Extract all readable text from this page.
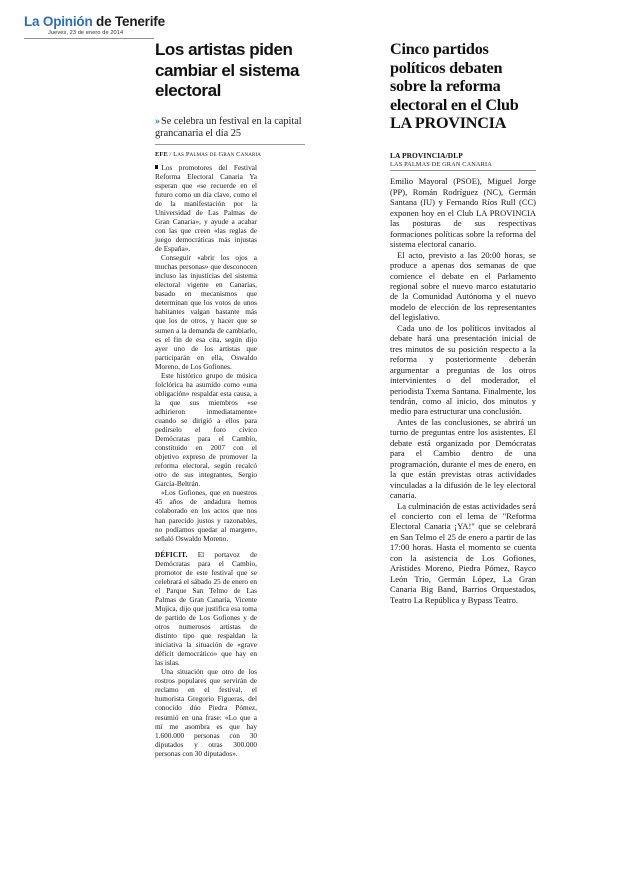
La Opinión de Tenerife
Jueves, 23 de enero de 2014
Los artistas piden cambiar el sistema electoral
» Se celebra un festival en la capital grancanaria el día 25
EFE / Las Palmas de Gran Canaria

Los promotores del Festival Reforma Electoral Canaria Ya esperan que «se recuerde en el futuro como un día clave, como el de la manifestación por la Universidad de Las Palmas de Gran Canaria», y ayude a acabar con las que creen «las reglas de juego democráticas más injustas de España».

Conseguir «abrir los ojos a muchas personas» que desconocen incluso las injusticias del sistema electoral vigente en Canarias, basado en mecanismos que determinan que los votos de unos habitantes valgan bastante más que los de otros, y hacer que se sumen a la demanda de cambiarlo, es el fin de esa cita, según dijo ayer uno de los artistas que participarán en ella, Oswaldo Moreno, de Los Gofiones.

Este histórico grupo de música folclórica ha asumido como «una obligación» respaldar esta causa, a la que sus miembros «se adhirieron inmediatamente» cuando se dirigió a ellos para pedírselo el foro cívico Demócratas para el Cambio, constituido en 2007 con el objetivo expreso de promover la reforma electoral, según recalcó otro de sus integrantes, Sergio García-Beltrán.

«Los Gofiones, que en nuestros 45 años de andadura hemos colaborado en los actos que nos han parecido justos y razonables, no podíamos quedar al margen», señaló Oswaldo Moreno.

DÉFICIT. El portavoz de Demócratas para el Cambio, promotor de este festival que se celebrará el sábado 25 de enero en el Parque San Telmo de Las Palmas de Gran Canaria, Vicente Mujica, dijo que justifica esa toma de partido de Los Gofiones y de otros numerosos artistas de distinto tipo que respaldan la iniciativa la situación de «grave déficit democrático» que hay en las islas.

Una situación que otro de los rostros populares que servirán de reclamo en el festival, el humorista Gregorio Figueras, del conocido dúo Piedra Pómez, resumió en una frase: «Lo que a mí me asombra es que hay 1.600.000 personas con 30 diputados y otras 300.000 personas con 30 diputados».

Cinco partidos políticos debaten sobre la reforma electoral en el Club LA PROVINCIA
LA PROVINCIA/DLP
LAS PALMAS DE GRAN CANARIA

Emilio Mayoral (PSOE), Miguel Jorge (PP), Román Rodríguez (NC), Germán Santana (IU) y Fernando Ríos Rull (CC) exponen hoy en el Club LA PROVINCIA las posturas de sus respectivas formaciones políticas sobre la reforma del sistema electoral canario.

El acto, previsto a las 20:00 horas, se produce a apenas dos semanas de que comience el debate en el Parlamento regional sobre el nuevo marco estatutario de la Comunidad Autónoma y el nuevo modelo de elección de los representantes del legislativo.

Cada uno de los políticos invitados al debate hará una presentación inicial de tres minutos de su posición respecto a la reforma y posteriormente deberán argumentar a preguntas de los otros intervinientes o del moderador, el periodista Txema Santana. Finalmente, los tendrán, como al inicio, dos minutos y medio para estructurar una conclusión.

Antes de las conclusiones, se abrirá un turno de preguntas entre los asistentes. El debate está organizado por Demócratas para el Cambio dentro de una programación, durante el mes de enero, en la que están previstas otras actividades vinculadas a la difusión de le ley electoral canaria.

La culminación de estas actividades será el concierto con el lema de "Reforma Electoral Canaria ¡YA!" que se celebrará en San Telmo el 25 de enero a partir de las 17:00 horas. Hasta el momento se cuenta con la asistencia de Los Gofiones, Arístides Moreno, Piedra Pómez, Rayco León Trío, Germán López, La Gran Canaria Big Band, Barrios Orquestados, Teatro La República y Bypass Teatro.
